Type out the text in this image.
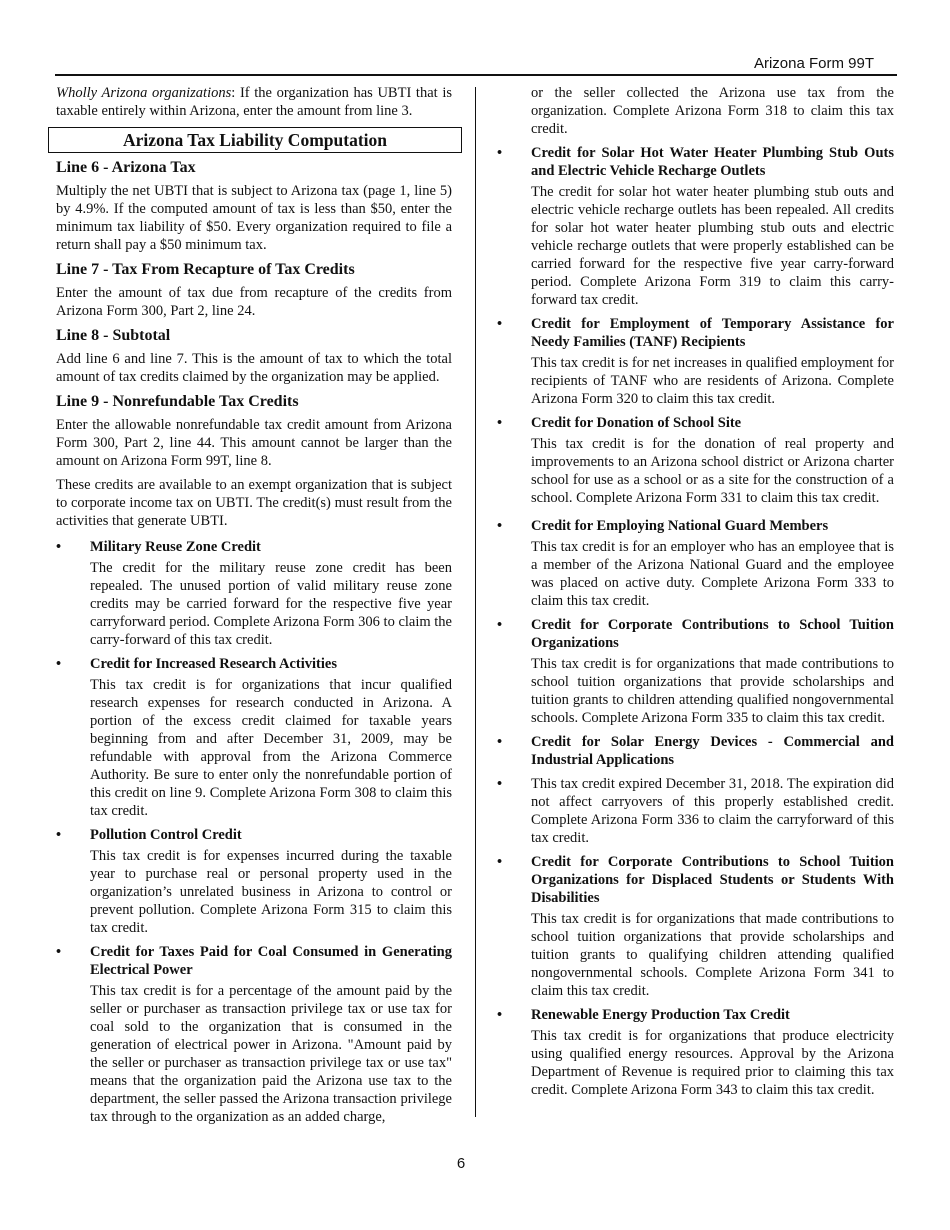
Arizona Form 99T

Wholly Arizona organizations: If the organization has UBTI that is taxable entirely within Arizona, enter the amount from line 3.

Arizona Tax Liability Computation
Line 6 - Arizona Tax

Multiply the net UBTI that is subject to Arizona tax (page 1, line 5) by 4.9%. If the computed amount of tax is less than $50, enter the minimum tax liability of $50. Every organization required to file a return shall pay a $50 minimum tax.

Line 7 - Tax From Recapture of Tax Credits

Enter the amount of tax due from recapture of the credits from Arizona Form 300, Part 2, line 24.

Line 8 - Subtotal

Add line 6 and line 7. This is the amount of tax to which the total amount of tax credits claimed by the organization may be applied.

Line 9 - Nonrefundable Tax Credits

Enter the allowable nonrefundable tax credit amount from Arizona Form 300, Part 2, line 44. This amount cannot be larger than the amount on Arizona Form 99T, line 8.

These credits are available to an exempt organization that is subject to corporate income tax on UBTI. The credit(s) must result from the activities that generate UBTI.

• Military Reuse Zone Credit

The credit for the military reuse zone credit has been repealed. The unused portion of valid military reuse zone credits may be carried forward for the respective five year carryforward period. Complete Arizona Form 306 to claim the carry-forward of this tax credit.

• Credit for Increased Research Activities

This tax credit is for organizations that incur qualified research expenses for research conducted in Arizona. A portion of the excess credit claimed for taxable years beginning from and after December 31, 2009, may be refundable with approval from the Arizona Commerce Authority. Be sure to enter only the nonrefundable portion of this credit on line 9. Complete Arizona Form 308 to claim this tax credit.

• Pollution Control Credit

This tax credit is for expenses incurred during the taxable year to purchase real or personal property used in the organization’s unrelated business in Arizona to control or prevent pollution. Complete Arizona Form 315 to claim this tax credit.

• Credit for Taxes Paid for Coal Consumed in Generating Electrical Power

This tax credit is for a percentage of the amount paid by the seller or purchaser as transaction privilege tax or use tax for coal sold to the organization that is consumed in the generation of electrical power in Arizona. "Amount paid by the seller or purchaser as transaction privilege tax or use tax" means that the organization paid the Arizona use tax to the department, the seller passed the Arizona transaction privilege tax through to the organization as an added charge,

or the seller collected the Arizona use tax from the organization. Complete Arizona Form 318 to claim this tax credit.

• Credit for Solar Hot Water Heater Plumbing Stub Outs and Electric Vehicle Recharge Outlets

The credit for solar hot water heater plumbing stub outs and electric vehicle recharge outlets has been repealed. All credits for solar hot water heater plumbing stub outs and electric vehicle recharge outlets that were properly established can be carried forward for the respective five year carry-forward period. Complete Arizona Form 319 to claim this carry-forward tax credit.

• Credit for Employment of Temporary Assistance for Needy Families (TANF) Recipients

This tax credit is for net increases in qualified employment for recipients of TANF who are residents of Arizona. Complete Arizona Form 320 to claim this tax credit.

• Credit for Donation of School Site

This tax credit is for the donation of real property and improvements to an Arizona school district or Arizona charter school for use as a school or as a site for the construction of a school. Complete Arizona Form 331 to claim this tax credit.

• Credit for Employing National Guard Members

This tax credit is for an employer who has an employee that is a member of the Arizona National Guard and the employee was placed on active duty. Complete Arizona Form 333 to claim this tax credit.

• Credit for Corporate Contributions to School Tuition Organizations

This tax credit is for organizations that made contributions to school tuition organizations that provide scholarships and tuition grants to children attending qualified nongovernmental schools. Complete Arizona Form 335 to claim this tax credit.

• Credit for Solar Energy Devices - Commercial and Industrial Applications
• This tax credit expired December 31, 2018. The expiration did not affect carryovers of this properly established credit. Complete Arizona Form 336 to claim the carryforward of this tax credit.

• Credit for Corporate Contributions to School Tuition Organizations for Displaced Students or Students With Disabilities

This tax credit is for organizations that made contributions to school tuition organizations that provide scholarships and tuition grants to qualifying children attending qualified nongovernmental schools. Complete Arizona Form 341 to claim this tax credit.

• Renewable Energy Production Tax Credit

This tax credit is for organizations that produce electricity using qualified energy resources. Approval by the Arizona Department of Revenue is required prior to claiming this tax credit. Complete Arizona Form 343 to claim this tax credit.

6
